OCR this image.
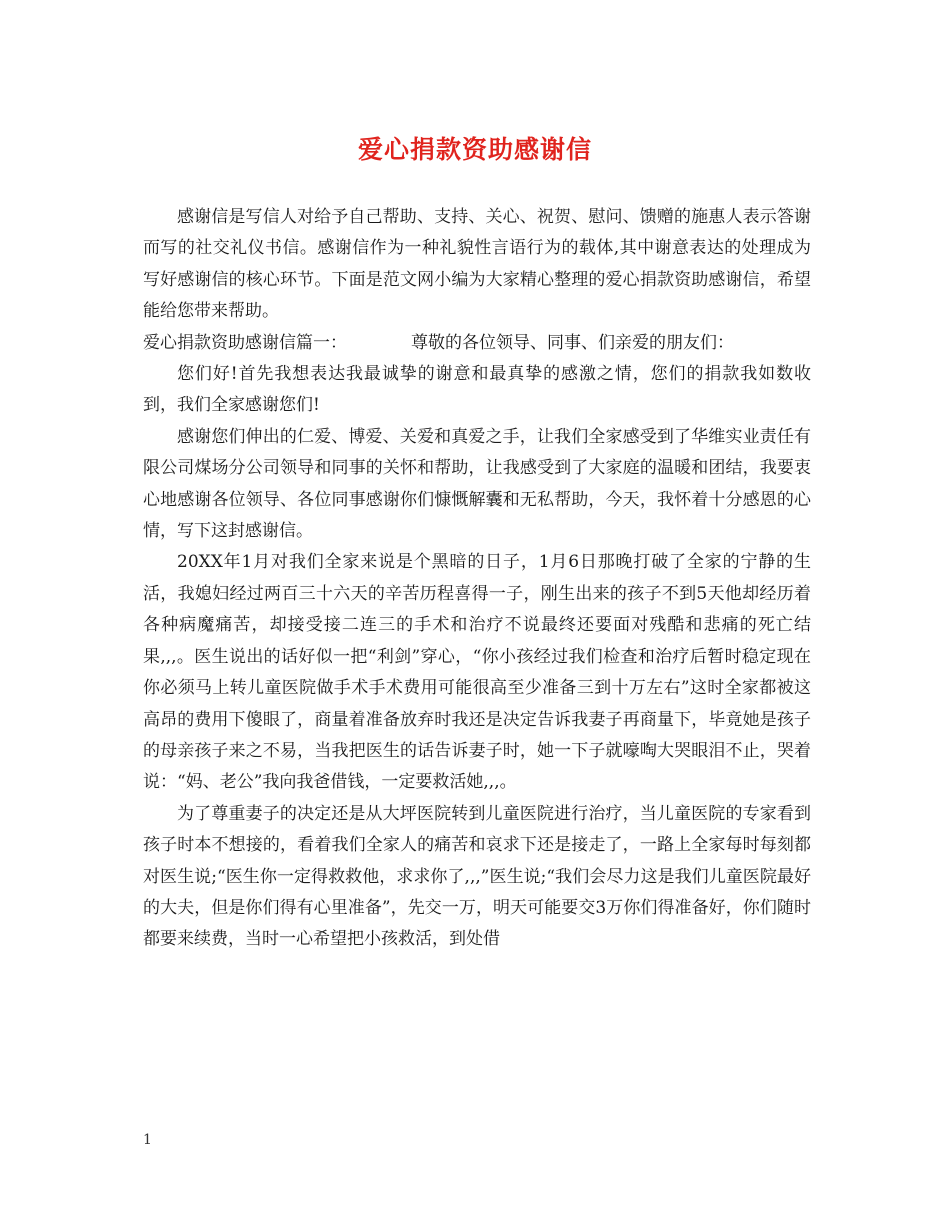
爱心捐款资助感谢信

感谢信是写信人对给予自己帮助、支持、关心、祝贺、慰问、馈赠的施惠人表示答谢而写的社交礼仪书信。感谢信作为一种礼貌性言语行为的载体,其中谢意表达的处理成为写好感谢信的核心环节。下面是范文网小编为大家精心整理的爱心捐款资助感谢信，希望能给您带来帮助。

爱心捐款资助感谢信篇一：	尊敬的各位领导、同事、们亲爱的朋友们：

您们好!首先我想表达我最诚挚的谢意和最真挚的感激之情，您们的捐款我如数收到，我们全家感谢您们!

感谢您们伸出的仁爱、博爱、关爱和真爱之手，让我们全家感受到了华维实业责任有限公司煤场分公司领导和同事的关怀和帮助，让我感受到了大家庭的温暖和团结，我要衷心地感谢各位领导、各位同事感谢你们慷慨解囊和无私帮助，今天，我怀着十分感恩的心情，写下这封感谢信。

20XX年1月对我们全家来说是个黑暗的日子，1月6日那晚打破了全家的宁静的生活，我媳妇经过两百三十六天的辛苦历程喜得一子，刚生出来的孩子不到5天他却经历着各种病魔痛苦，却接受接二连三的手术和治疗不说最终还要面对残酷和悲痛的死亡结果,,,。医生说出的话好似一把“利剑”穿心，“你小孩经过我们检查和治疗后暂时稳定现在你必须马上转儿童医院做手术手术费用可能很高至少准备三到十万左右”这时全家都被这高昂的费用下傻眼了，商量着准备放弃时我还是决定告诉我妻子再商量下，毕竟她是孩子的母亲孩子来之不易，当我把医生的话告诉妻子时，她一下子就嚎啕大哭眼泪不止，哭着说：“妈、老公”我向我爸借钱，一定要救活她,,,。

为了尊重妻子的决定还是从大坪医院转到儿童医院进行治疗，当儿童医院的专家看到孩子时本不想接的，看着我们全家人的痛苦和哀求下还是接走了，一路上全家每时每刻都对医生说;“医生你一定得救救他，求求你了,,,”医生说;“我们会尽力这是我们儿童医院最好的大夫，但是你们得有心里准备”，先交一万，明天可能要交3万你们得准备好，你们随时都要来续费，当时一心希望把小孩救活，到处借

1
